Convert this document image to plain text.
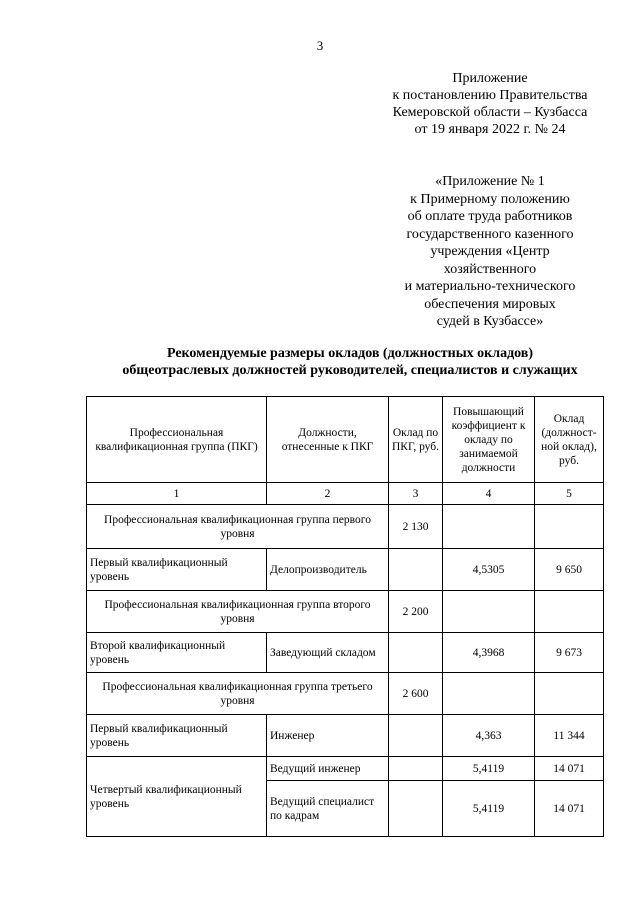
3
Приложение
к постановлению Правительства
Кемеровской области – Кузбасса
от 19 января 2022 г. № 24
«Приложение № 1
к Примерному положению
об оплате труда работников
государственного казенного
учреждения «Центр
хозяйственного
и материально-технического
обеспечения мировых
судей в Кузбассе»
Рекомендуемые размеры окладов (должностных окладов)
общеотраслевых должностей руководителей, специалистов и служащих
Профессиональная квалификационная группа (ПКГ)	Должности, отнесенные к ПКГ	Оклад по ПКГ, руб.	Повышающий коэффициент к окладу по занимаемой должности	Оклад (должност-ной оклад), руб.
1	2	3	4	5
Профессиональная квалификационная группа первого уровня		2 130		
Первый квалификационный уровень	Делопроизводитель		4,5305	9 650
Профессиональная квалификационная группа второго уровня		2 200		
Второй квалификационный уровень	Заведующий складом		4,3968	9 673
Профессиональная квалификационная группа третьего уровня		2 600		
Первый квалификационный уровень	Инженер		4,363	11 344
Четвертый квалификационный уровень	Ведущий инженер		5,4119	14 071
	Ведущий специалист по кадрам		5,4119	14 071
